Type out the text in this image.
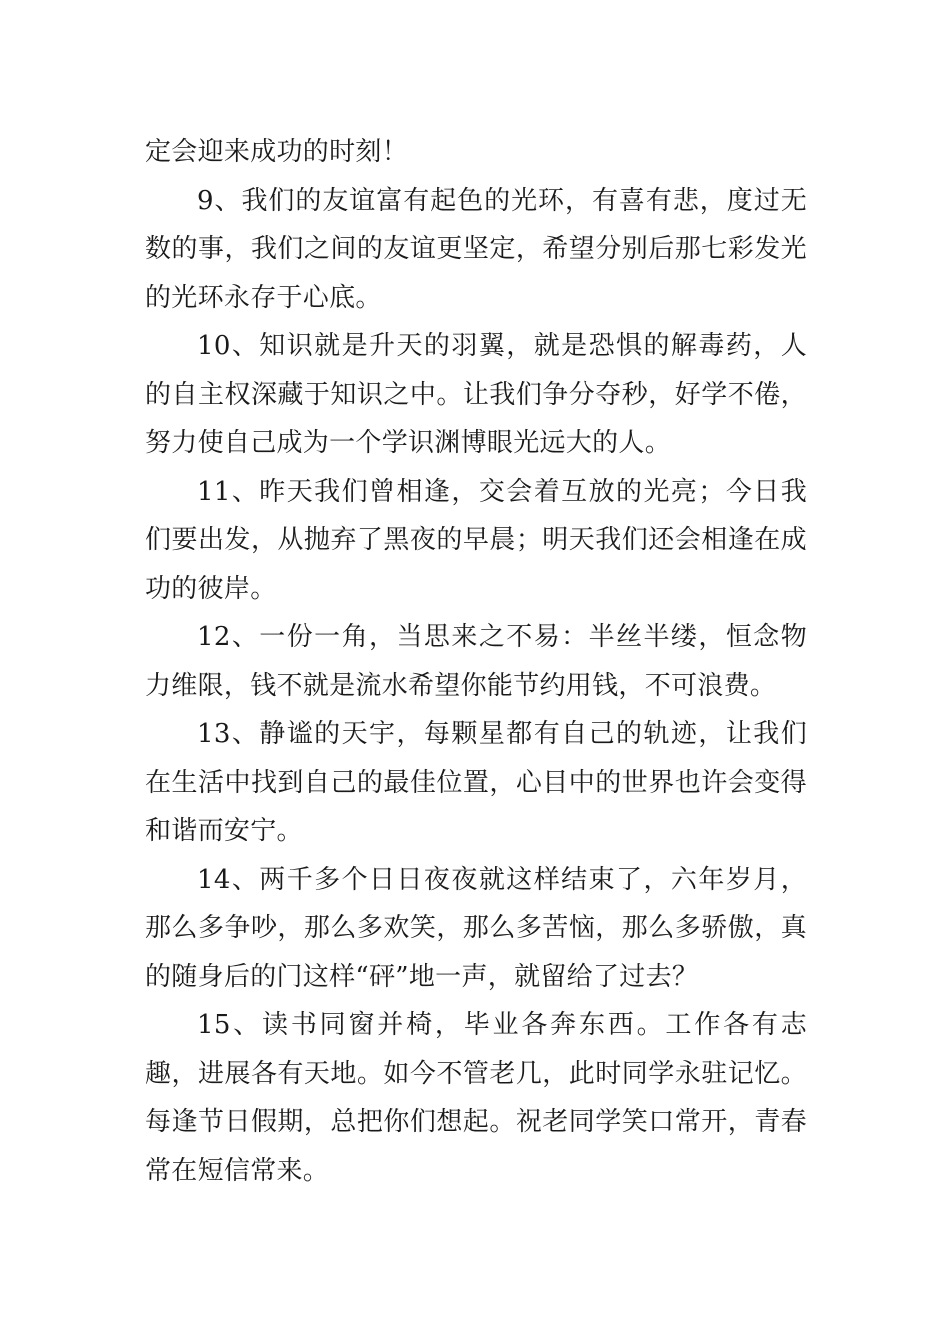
定会迎来成功的时刻！

9、我们的友谊富有起色的光环，有喜有悲，度过无数的事，我们之间的友谊更坚定，希望分别后那七彩发光的光环永存于心底。

10、知识就是升天的羽翼，就是恐惧的解毒药，人的自主权深藏于知识之中。让我们争分夺秒，好学不倦，努力使自己成为一个学识渊博眼光远大的人。

11、昨天我们曾相逢，交会着互放的光亮；今日我们要出发，从抛弃了黑夜的早晨；明天我们还会相逢在成功的彼岸。

12、一份一角，当思来之不易：半丝半缕，恒念物力维限，钱不就是流水希望你能节约用钱，不可浪费。

13、静谧的天宇，每颗星都有自己的轨迹，让我们在生活中找到自己的最佳位置，心目中的世界也许会变得和谐而安宁。

14、两千多个日日夜夜就这样结束了，六年岁月，那么多争吵，那么多欢笑，那么多苦恼，那么多骄傲，真的随身后的门这样“砰”地一声，就留给了过去？

15、读书同窗并椅，毕业各奔东西。工作各有志趣，进展各有天地。如今不管老几，此时同学永驻记忆。每逢节日假期，总把你们想起。祝老同学笑口常开，青春常在短信常来。
